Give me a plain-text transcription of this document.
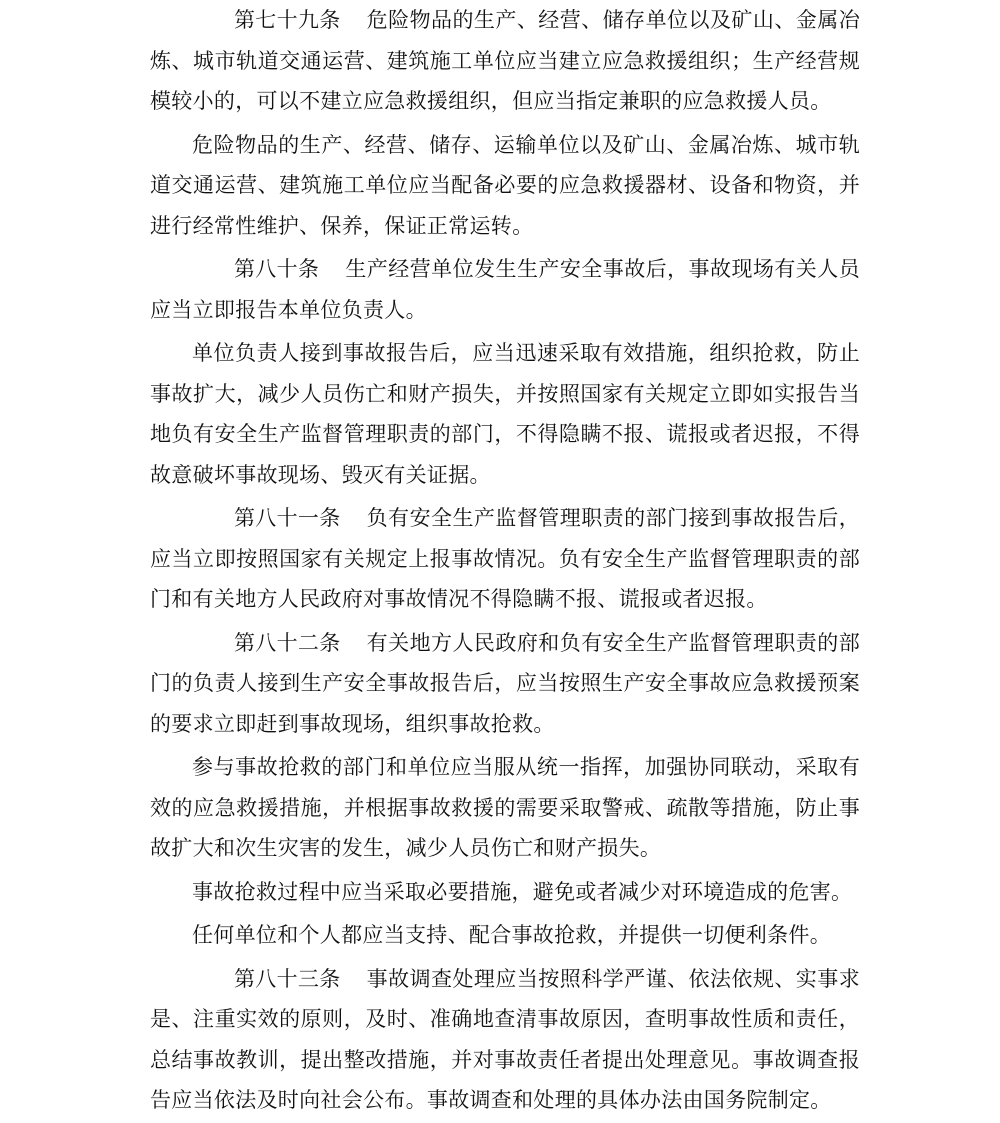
第七十九条 危险物品的生产、经营、储存单位以及矿山、金属冶炼、城市轨道交通运营、建筑施工单位应当建立应急救援组织；生产经营规模较小的，可以不建立应急救援组织，但应当指定兼职的应急救援人员。

危险物品的生产、经营、储存、运输单位以及矿山、金属冶炼、城市轨道交通运营、建筑施工单位应当配备必要的应急救援器材、设备和物资，并进行经常性维护、保养，保证正常运转。

第八十条 生产经营单位发生生产安全事故后，事故现场有关人员应当立即报告本单位负责人。

单位负责人接到事故报告后，应当迅速采取有效措施，组织抢救，防止事故扩大，减少人员伤亡和财产损失，并按照国家有关规定立即如实报告当地负有安全生产监督管理职责的部门，不得隐瞒不报、谎报或者迟报，不得故意破坏事故现场、毁灭有关证据。

第八十一条 负有安全生产监督管理职责的部门接到事故报告后，应当立即按照国家有关规定上报事故情况。负有安全生产监督管理职责的部门和有关地方人民政府对事故情况不得隐瞒不报、谎报或者迟报。

第八十二条 有关地方人民政府和负有安全生产监督管理职责的部门的负责人接到生产安全事故报告后，应当按照生产安全事故应急救援预案的要求立即赶到事故现场，组织事故抢救。

参与事故抢救的部门和单位应当服从统一指挥，加强协同联动，采取有效的应急救援措施，并根据事故救援的需要采取警戒、疏散等措施，防止事故扩大和次生灾害的发生，减少人员伤亡和财产损失。

事故抢救过程中应当采取必要措施，避免或者减少对环境造成的危害。

任何单位和个人都应当支持、配合事故抢救，并提供一切便利条件。

第八十三条 事故调查处理应当按照科学严谨、依法依规、实事求是、注重实效的原则，及时、准确地查清事故原因，查明事故性质和责任，总结事故教训，提出整改措施，并对事故责任者提出处理意见。事故调查报告应当依法及时向社会公布。事故调查和处理的具体办法由国务院制定。
